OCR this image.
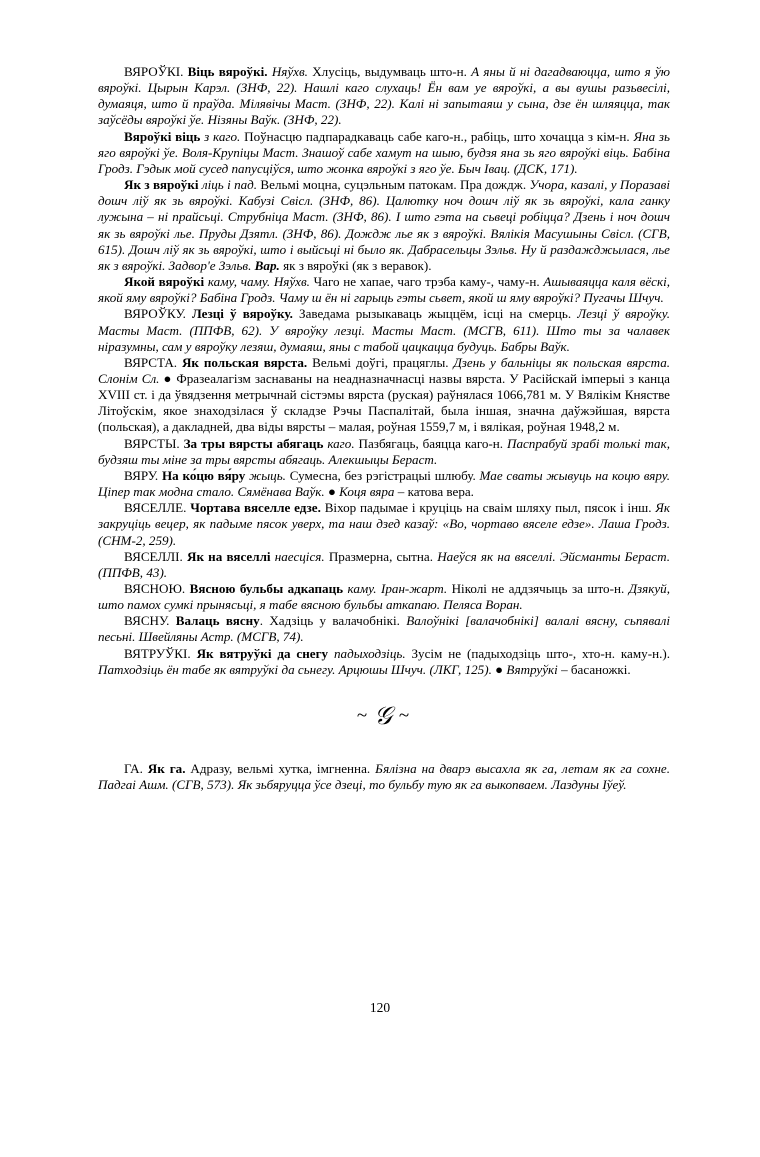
ВЯРОЎКІ. Віць вяроўкі. Няўхв. Хлусіць, выдумваць што-н. А яны й ні дагадваюцца, што я ўю вяроўкі. Цырын Карэл. (ЗНФ, 22). Нашлі каго слухаць! Ён вам уе вяроўкі, а вы вушы разьвесілі, думаяця, што й праўда. Мілявічы Маст. (ЗНФ, 22). Калі ні запытаяш у сына, дзе ён шляяцца, так заўсёды вяроўкі ўе. Нізяны Ваўк. (ЗНФ, 22).

Вяроўкі віць з каго. Поўнасцю падпарадкаваць сабе каго-н., рабіць, што хочацца з кім-н. Яна зь яго вяроўкі ўе. Воля-Крупіцы Маст. Знашоў сабе хамут на шыю, будзя яна зь яго вяроўкі віць. Бабіна Гродз. Гэдык мой сусед папусціўся, што жонка вяроўкі з яго ўе. Быч Івац. (ДСК, 171).

Як з вяроўкі ліць і пад. Вельмі моцна, суцэльным патокам. Пра дождж. Учора, казалі, у Поразаві дошч ліў як зь вяроўкі. Кабузі Свісл. (ЗНФ, 86). Цалютку ноч дошч ліў як зь вяроўкі, кала ганку лужына – ні прайсьці. Струбніца Маст. (ЗНФ, 86). І што гэта на сьвеці робіцца? Дзень і ноч дошч як зь вяроўкі лье. Пруды Дзятл. (ЗНФ, 86). Дождж лье як з вяроўкі. Вялікія Масушыны Свісл. (СГВ, 615). Дошч ліў як зь вяроўкі, што і выйсьці ні было як. Дабрасельцы Зэльв. Ну й раздажджылася, лье як з вяроўкі. Задвор'е Зэльв. Вар. як з вяроўкі (як з веравок).

Якой вяроўкі каму, чаму. Няўхв. Чаго не хапае, чаго трэба каму-, чаму-н. Ашываяцца каля вёскі, якой яму вяроўкі? Бабіна Гродз. Чаму ш ён ні гарыць гэты сьвет, якой ш яму вяроўкі? Пугачы Шчуч.

ВЯРОЎКУ. Лезці ў вяроўку. Заведама рызыкаваць жыццём, ісці на смерць. Лезці ў вяроўку. Масты Маст. (ППФВ, 62). У вяроўку лезці. Масты Маст. (МСГВ, 611). Што ты за чалавек ніразумны, сам у вяроўку лезяш, думаяш, яны с табой цацкацца будуць. Бабры Ваўк.

ВЯРСТА. Як польская вярста. Вельмі доўгі, працяглы. Дзень у бальніцы як польская вярста. Слонім Сл. ● Фразеалагізм заснаваны на неадназначнасці назвы вярста. У Расійскай імперыі з канца XVIII ст. і да ўвядзення метрычнай сістэмы вярста (руская) раўнялася 1066,781 м. У Вялікім Княстве Літоўскім, якое знаходзілася ў складзе Рэчы Паспалітай, была іншая, значна даўжэйшая, вярста (польская), а дакладней, два віды вярсты – малая, роўная 1559,7 м, і вялікая, роўная 1948,2 м.

ВЯРСТЫ. За тры вярсты абягаць каго. Пазбягаць, баяцца каго-н. Паспрабуй зрабі толькі так, будзяш ты міне за тры вярсты абягаць. Алекшыцы Бераст.

ВЯРУ. На ко́цю вя́ру жыць. Сумесна, без рэгістрацыі шлюбу. Мае сваты жывуць на коцю вяру. Ціпер так модна стало. Сямёнава Ваўк. ● Коця вяра – катова вера.

ВЯСЕЛЛЕ. Чортава вяселле едзе. Віхор падымае і круціць на сваім шляху пыл, пясок і інш. Як закруціць вецер, як падыме пясок уверх, та наш дзед казаў: «Во, чортаво вяселе едзе». Лаша Гродз. (СНМ-2, 259).

ВЯСЕЛЛІ. Як на вяселлі наесціся. Празмерна, сытна. Наеўся як на вяселлі. Эйсманты Бераст. (ППФВ, 43).

ВЯСНОЮ. Вясною бульбы адкапаць каму. Іран-жарт. Ніколі не аддзячыць за што-н. Дзякуй, што памох сумкі прынясьці, я табе вясною бульбы аткапаю. Пеляса Воран.

ВЯСНУ. Валаць вясну. Хадзіць у валачобнікі. Валоўнікі [валачобнікі] валалі вясну, сьпявалі песьні. Швейляны Астр. (МСГВ, 74).

ВЯТРУЎКІ. Як вятруўкі да снегу падыходзіць. Зусім не (падыходзіць што-, хто-н. каму-н.). Патходзіць ён табе як вятруўкі да сьнегу. Арцюшы Шчуч. (ЛКГ, 125). ● Вятруўкі – басаножкі.

~ 𝒢 ~

ГА. Як га. Адразу, вельмі хутка, імгненна. Бялізна на дварэ высахла як га, летам як га сохне. Падгаі Ашм. (СГВ, 573). Як зьбяруцца ўсе дзеці, то бульбу тую як га выкопваем. Лаздуны Іўеў.

120
